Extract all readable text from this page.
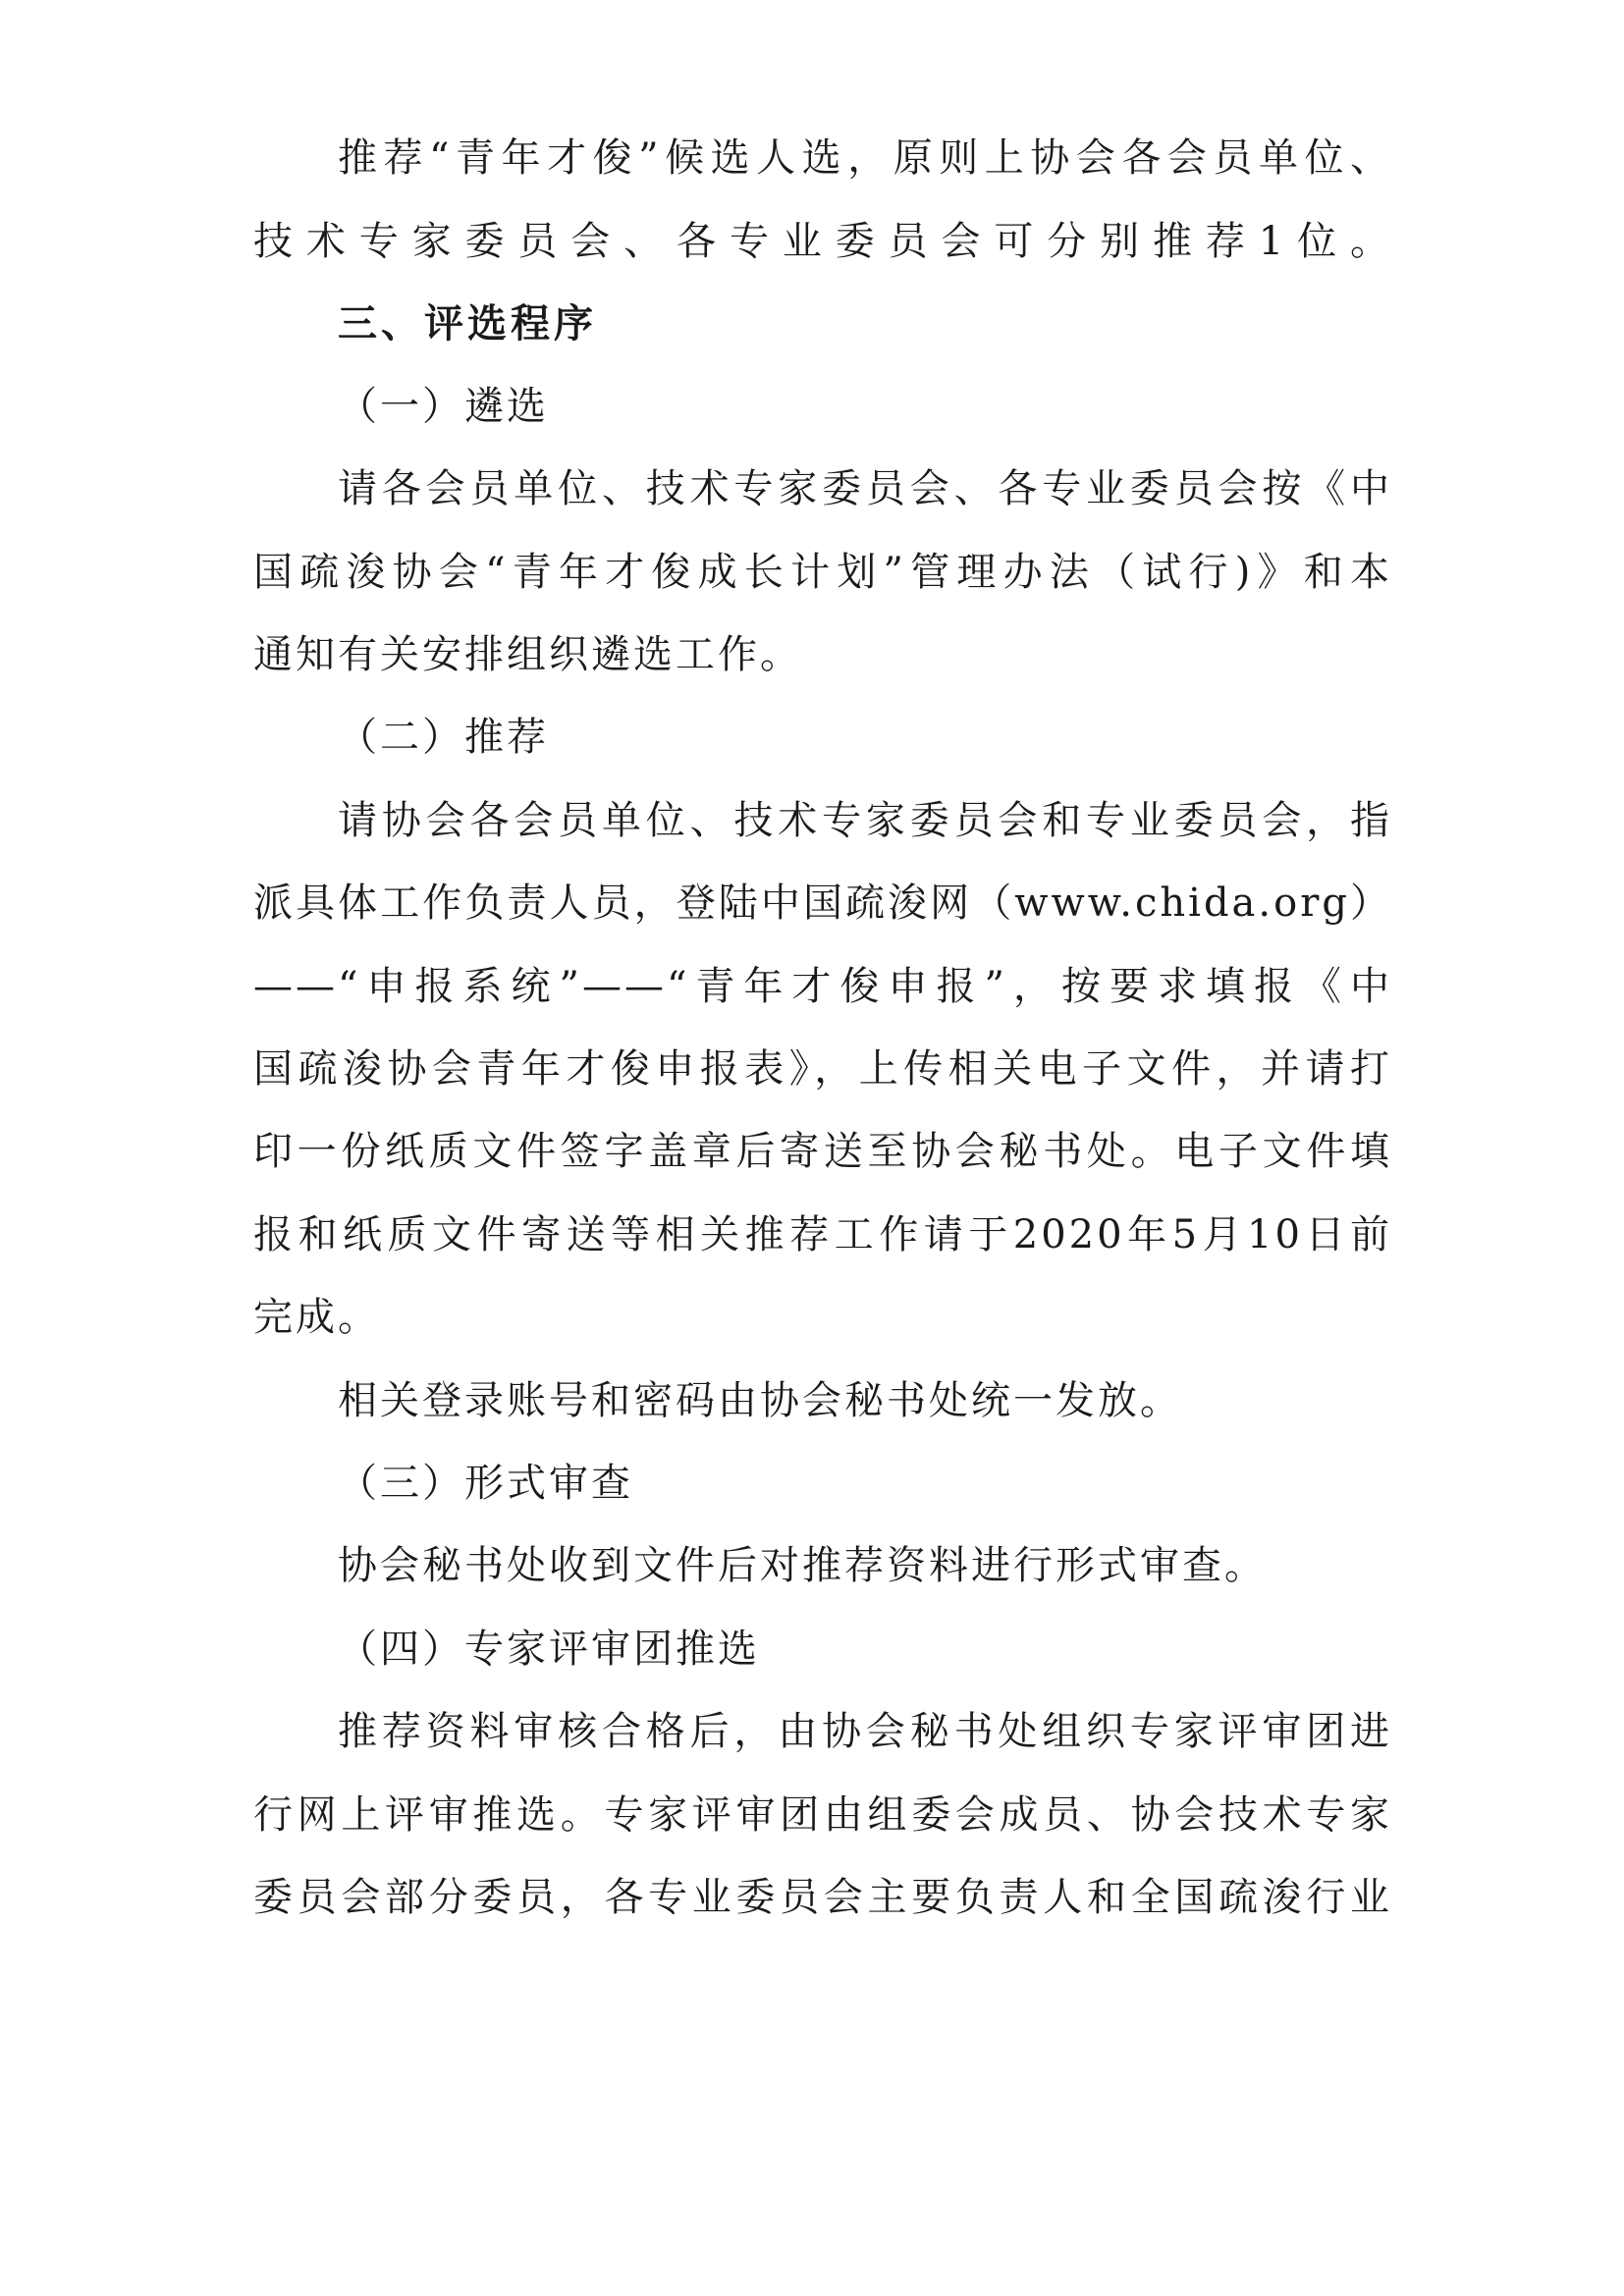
推荐“青年才俊”候选人选，原则上协会各会员单位、
技术专家委员会、各专业委员会可分别推荐1位。
三、评选程序
（一）遴选
请各会员单位、技术专家委员会、各专业委员会按《中
国疏浚协会“青年才俊成长计划”管理办法（试行)》和本
通知有关安排组织遴选工作。
（二）推荐
请协会各会员单位、技术专家委员会和专业委员会，指
派具体工作负责人员，登陆中国疏浚网（www.chida.org）
——“申报系统”——“青年才俊申报”，按要求填报《中
国疏浚协会青年才俊申报表》，上传相关电子文件，并请打
印一份纸质文件签字盖章后寄送至协会秘书处。电子文件填
报和纸质文件寄送等相关推荐工作请于2020年5月10日前
完成。
相关登录账号和密码由协会秘书处统一发放。
（三）形式审查
协会秘书处收到文件后对推荐资料进行形式审查。
（四）专家评审团推选
推荐资料审核合格后，由协会秘书处组织专家评审团进
行网上评审推选。专家评审团由组委会成员、协会技术专家
委员会部分委员，各专业委员会主要负责人和全国疏浚行业
